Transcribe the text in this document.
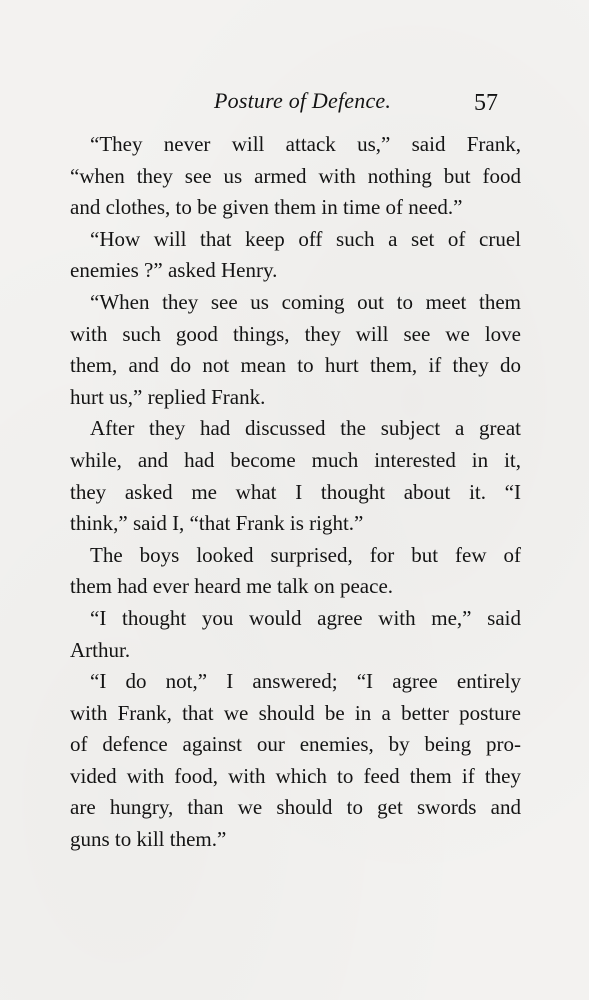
Posture of Defence.	57
“They never will attack us,” said Frank,
“when they see us armed with nothing but food
and clothes, to be given them in time of need.”
“How will that keep off such a set of cruel
enemies ?” asked Henry.
“When they see us coming out to meet them
with such good things, they will see we love
them, and do not mean to hurt them, if they do
hurt us,” replied Frank.
After they had discussed the subject a great
while, and had become much interested in it,
they asked me what I thought about it. “I
think,” said I, “that Frank is right.”
The boys looked surprised, for but few of
them had ever heard me talk on peace.
“I thought you would agree with me,” said
Arthur.
“I do not,” I answered; “I agree entirely
with Frank, that we should be in a better posture
of defence against our enemies, by being pro-
vided with food, with which to feed them if they
are hungry, than we should to get swords and
guns to kill them.”
